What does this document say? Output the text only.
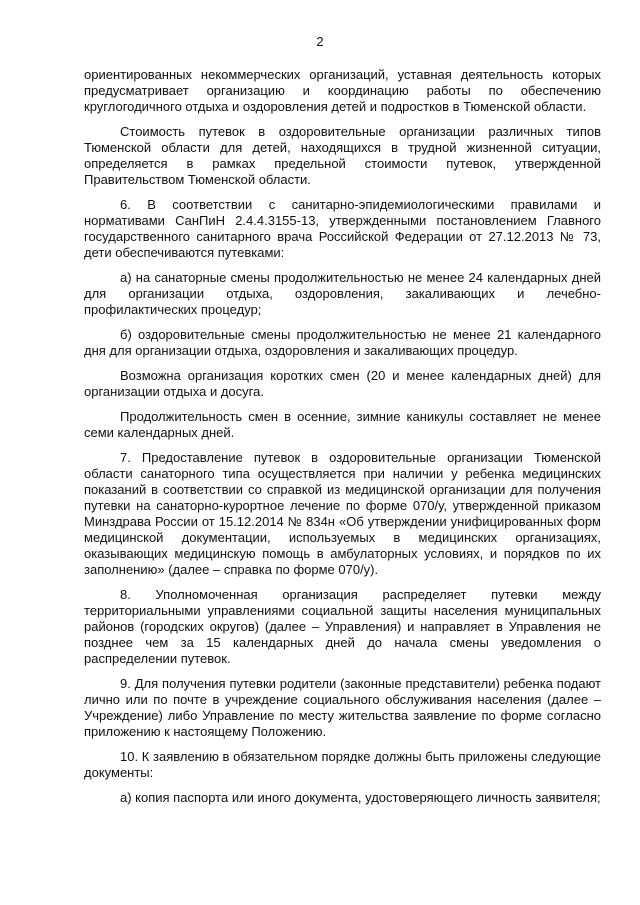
2

ориентированных некоммерческих организаций, уставная деятельность которых предусматривает организацию и координацию работы по обеспечению круглогодичного отдыха и оздоровления детей и подростков в Тюменской области.

Стоимость путевок в оздоровительные организации различных типов Тюменской области для детей, находящихся в трудной жизненной ситуации, определяется в рамках предельной стоимости путевок, утвержденной Правительством Тюменской области.

6. В соответствии с санитарно-эпидемиологическими правилами и нормативами СанПиН 2.4.4.3155-13, утвержденными постановлением Главного государственного санитарного врача Российской Федерации от 27.12.2013 № 73, дети обеспечиваются путевками:

а) на санаторные смены продолжительностью не менее 24 календарных дней для организации отдыха, оздоровления, закаливающих и лечебно-профилактических процедур;

б) оздоровительные смены продолжительностью не менее 21 календарного дня для организации отдыха, оздоровления и закаливающих процедур.

Возможна организация коротких смен (20 и менее календарных дней) для организации отдыха и досуга.

Продолжительность смен в осенние, зимние каникулы составляет не менее семи календарных дней.

7. Предоставление путевок в оздоровительные организации Тюменской области санаторного типа осуществляется при наличии у ребенка медицинских показаний в соответствии со справкой из медицинской организации для получения путевки на санаторно-курортное лечение по форме 070/у, утвержденной приказом Минздрава России от 15.12.2014 № 834н «Об утверждении унифицированных форм медицинской документации, используемых в медицинских организациях, оказывающих медицинскую помощь в амбулаторных условиях, и порядков по их заполнению» (далее – справка по форме 070/у).

8. Уполномоченная организация распределяет путевки между территориальными управлениями социальной защиты населения муниципальных районов (городских округов) (далее – Управления) и направляет в Управления не позднее чем за 15 календарных дней до начала смены уведомления о распределении путевок.

9. Для получения путевки родители (законные представители) ребенка подают лично или по почте в учреждение социального обслуживания населения (далее – Учреждение) либо Управление по месту жительства заявление по форме согласно приложению к настоящему Положению.

10. К заявлению в обязательном порядке должны быть приложены следующие документы:

а) копия паспорта или иного документа, удостоверяющего личность заявителя;
